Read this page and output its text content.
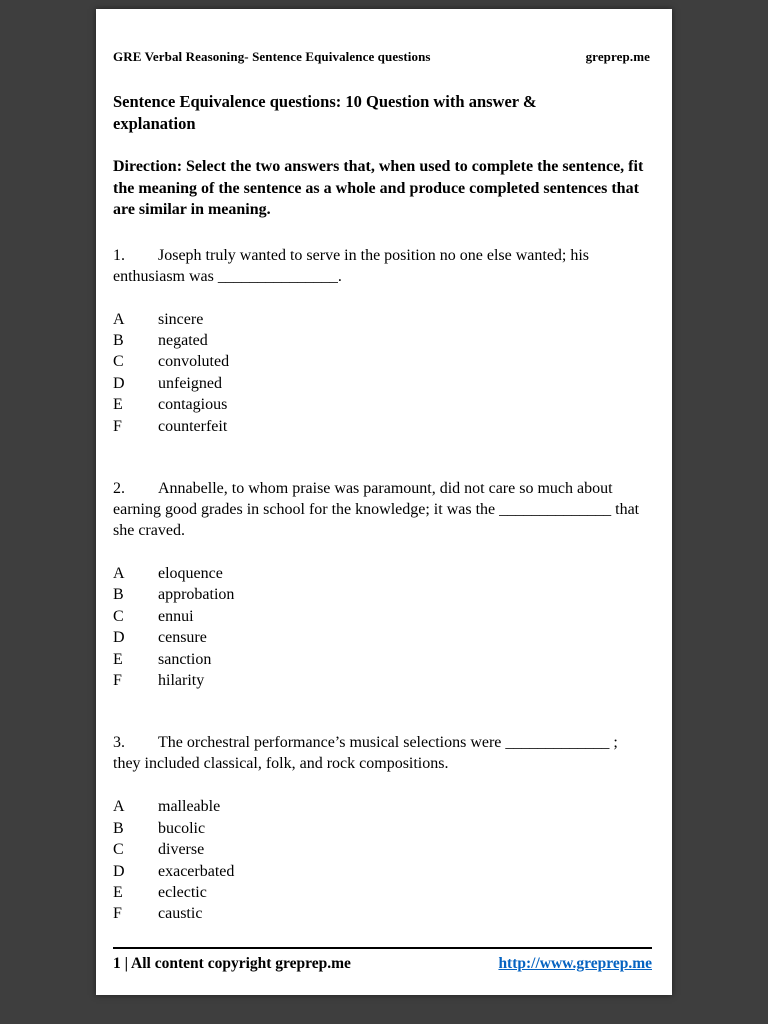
GRE Verbal Reasoning- Sentence Equivalence questions	greprep.me
Sentence Equivalence questions: 10 Question with answer & explanation

Direction: Select the two answers that, when used to complete the sentence, fit the meaning of the sentence as a whole and produce completed sentences that are similar in meaning.

1. Joseph truly wanted to serve in the position no one else wanted; his enthusiasm was _______________.

A	sincere
B	negated
C	convoluted
D	unfeigned
E	contagious
F	counterfeit

2. Annabelle, to whom praise was paramount, did not care so much about earning good grades in school for the knowledge; it was the ______________ that she craved.

A	eloquence
B	approbation
C	ennui
D	censure
E	sanction
F	hilarity

3. The orchestral performance’s musical selections were _____________ ; they included classical, folk, and rock compositions.

A	malleable
B	bucolic
C	diverse
D	exacerbated
E	eclectic
F	caustic
1 | All content copyright greprep.me	http://www.greprep.me
